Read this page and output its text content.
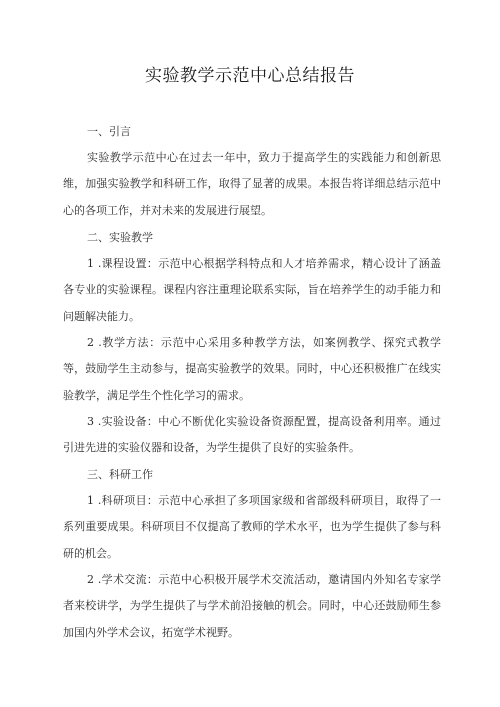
实验教学示范中心总结报告

一、引言

实验教学示范中心在过去一年中，致力于提高学生的实践能力和创新思维，加强实验教学和科研工作，取得了显著的成果。本报告将详细总结示范中心的各项工作，并对未来的发展进行展望。

二、实验教学

1 .课程设置：示范中心根据学科特点和人才培养需求，精心设计了涵盖各专业的实验课程。课程内容注重理论联系实际，旨在培养学生的动手能力和问题解决能力。

2 .教学方法：示范中心采用多种教学方法，如案例教学、探究式教学等，鼓励学生主动参与，提高实验教学的效果。同时，中心还积极推广在线实验教学，满足学生个性化学习的需求。

3 .实验设备：中心不断优化实验设备资源配置，提高设备利用率。通过引进先进的实验仪器和设备，为学生提供了良好的实验条件。

三、科研工作

1 .科研项目：示范中心承担了多项国家级和省部级科研项目，取得了一系列重要成果。科研项目不仅提高了教师的学术水平，也为学生提供了参与科研的机会。

2 .学术交流：示范中心积极开展学术交流活动，邀请国内外知名专家学者来校讲学，为学生提供了与学术前沿接触的机会。同时，中心还鼓励师生参加国内外学术会议，拓宽学术视野。
